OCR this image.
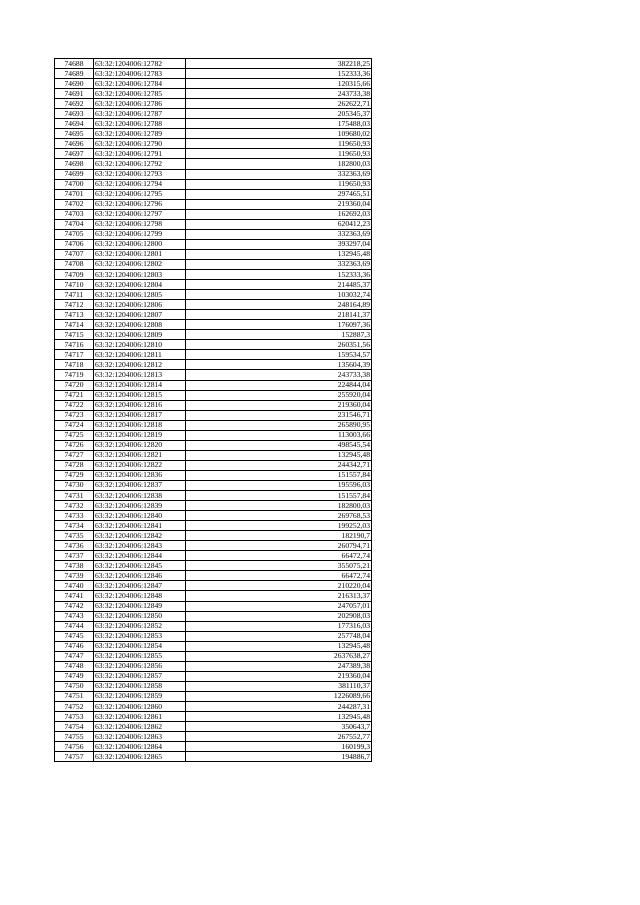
74688	63:32:1204006:12782	382218,25
74689	63:32:1204006:12783	152333,36
74690	63:32:1204006:12784	120315,66
74691	63:32:1204006:12785	243733,38
74692	63:32:1204006:12786	262622,71
74693	63:32:1204006:12787	205345,37
74694	63:32:1204006:12788	175488,03
74695	63:32:1204006:12789	109680,02
74696	63:32:1204006:12790	119650,93
74697	63:32:1204006:12791	119650,93
74698	63:32:1204006:12792	182800,03
74699	63:32:1204006:12793	332363,69
74700	63:32:1204006:12794	119650,93
74701	63:32:1204006:12795	297465,51
74702	63:32:1204006:12796	219360,04
74703	63:32:1204006:12797	162692,03
74704	63:32:1204006:12798	620412,23
74705	63:32:1204006:12799	332363,69
74706	63:32:1204006:12800	393297,04
74707	63:32:1204006:12801	132945,48
74708	63:32:1204006:12802	332363,69
74709	63:32:1204006:12803	152333,36
74710	63:32:1204006:12804	214485,37
74711	63:32:1204006:12805	103032,74
74712	63:32:1204006:12806	248164,89
74713	63:32:1204006:12807	218141,37
74714	63:32:1204006:12808	176097,36
74715	63:32:1204006:12809	152887,3
74716	63:32:1204006:12810	260351,56
74717	63:32:1204006:12811	159534,57
74718	63:32:1204006:12812	135604,39
74719	63:32:1204006:12813	243733,38
74720	63:32:1204006:12814	224844,04
74721	63:32:1204006:12815	255920,04
74722	63:32:1204006:12816	219360,04
74723	63:32:1204006:12817	231546,71
74724	63:32:1204006:12818	265890,95
74725	63:32:1204006:12819	113003,66
74726	63:32:1204006:12820	498545,54
74727	63:32:1204006:12821	132945,48
74728	63:32:1204006:12822	244342,71
74729	63:32:1204006:12836	151557,84
74730	63:32:1204006:12837	195596,03
74731	63:32:1204006:12838	151557,84
74732	63:32:1204006:12839	182800,03
74733	63:32:1204006:12840	269768,53
74734	63:32:1204006:12841	199252,03
74735	63:32:1204006:12842	182190,7
74736	63:32:1204006:12843	260794,71
74737	63:32:1204006:12844	66472,74
74738	63:32:1204006:12845	355075,21
74739	63:32:1204006:12846	66472,74
74740	63:32:1204006:12847	210220,04
74741	63:32:1204006:12848	216313,37
74742	63:32:1204006:12849	247057,01
74743	63:32:1204006:12850	202908,03
74744	63:32:1204006:12852	177316,03
74745	63:32:1204006:12853	257748,04
74746	63:32:1204006:12854	132945,48
74747	63:32:1204006:12855	2637638,27
74748	63:32:1204006:12856	247389,38
74749	63:32:1204006:12857	219360,04
74750	63:32:1204006:12858	381110,37
74751	63:32:1204006:12859	1226089,66
74752	63:32:1204006:12860	244287,31
74753	63:32:1204006:12861	132945,48
74754	63:32:1204006:12862	350643,7
74755	63:32:1204006:12863	267552,77
74756	63:32:1204006:12864	160199,3
74757	63:32:1204006:12865	194886,7
